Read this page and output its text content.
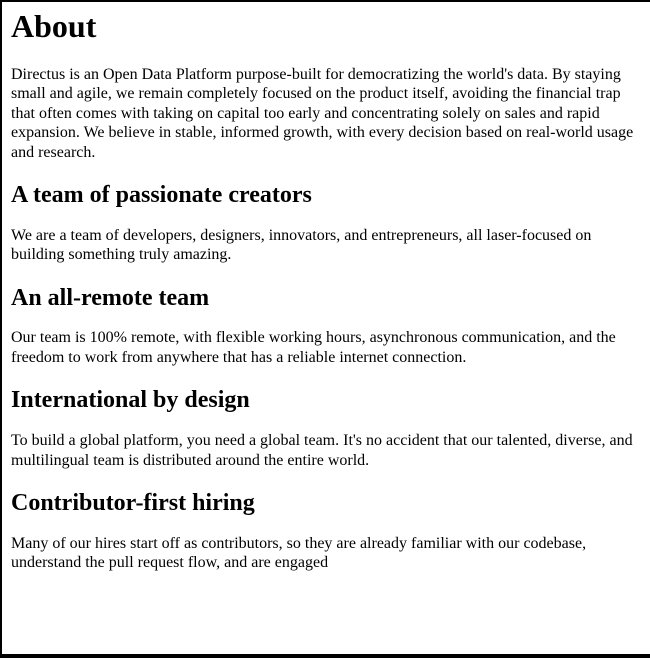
About

Directus is an Open Data Platform purpose-built for democratizing the world's data. By staying
small and agile, we remain completely focused on the product itself, avoiding the financial trap
that often comes with taking on capital too early and concentrating solely on sales and rapid
expansion. We believe in stable, informed growth, with every decision based on real-world usage
and research.

A team of passionate creators

We are a team of developers, designers, innovators, and entrepreneurs, all laser-focused on
building something truly amazing.

An all-remote team

Our team is 100% remote, with flexible working hours, asynchronous communication, and the
freedom to work from anywhere that has a reliable internet connection.

International by design

To build a global platform, you need a global team. It's no accident that our talented, diverse, and
multilingual team is distributed around the entire world.

Contributor-first hiring

Many of our hires start off as contributors, so they are already familiar with our codebase,
understand the pull request flow, and are engaged
